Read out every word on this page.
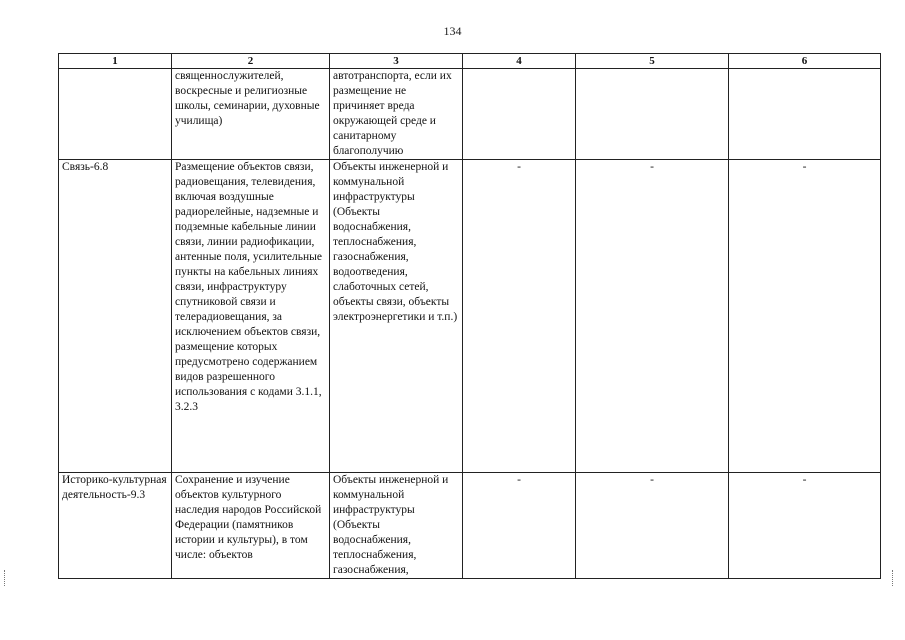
134
1	2	3	4	5	6
	священнослужителей, воскресные и религиозные школы, семинарии, духовные училища)	автотранспорта, если их размещение не причиняет вреда окружающей среде и санитарному благополучию			
Связь-6.8	Размещение объектов связи, радиовещания, телевидения, включая воздушные радиорелейные, надземные и подземные кабельные линии связи, линии радиофикации, антенные поля, усилительные пункты на кабельных линиях связи, инфраструктуру спутниковой связи и телерадиовещания, за исключением объектов связи, размещение которых предусмотрено содержанием видов разрешенного использования с кодами 3.1.1, 3.2.3	Объекты инженерной и коммунальной инфраструктуры (Объекты водоснабжения, теплоснабжения, газоснабжения, водоотведения, слаботочных сетей, объекты связи, объекты электроэнергетики и т.п.)	-	-	-
Историко-культурная деятельность-9.3	Сохранение и изучение объектов культурного наследия народов Российской Федерации (памятников истории и культуры), в том числе: объектов	Объекты инженерной и коммунальной инфраструктуры (Объекты водоснабжения, теплоснабжения, газоснабжения,	-	-	-
